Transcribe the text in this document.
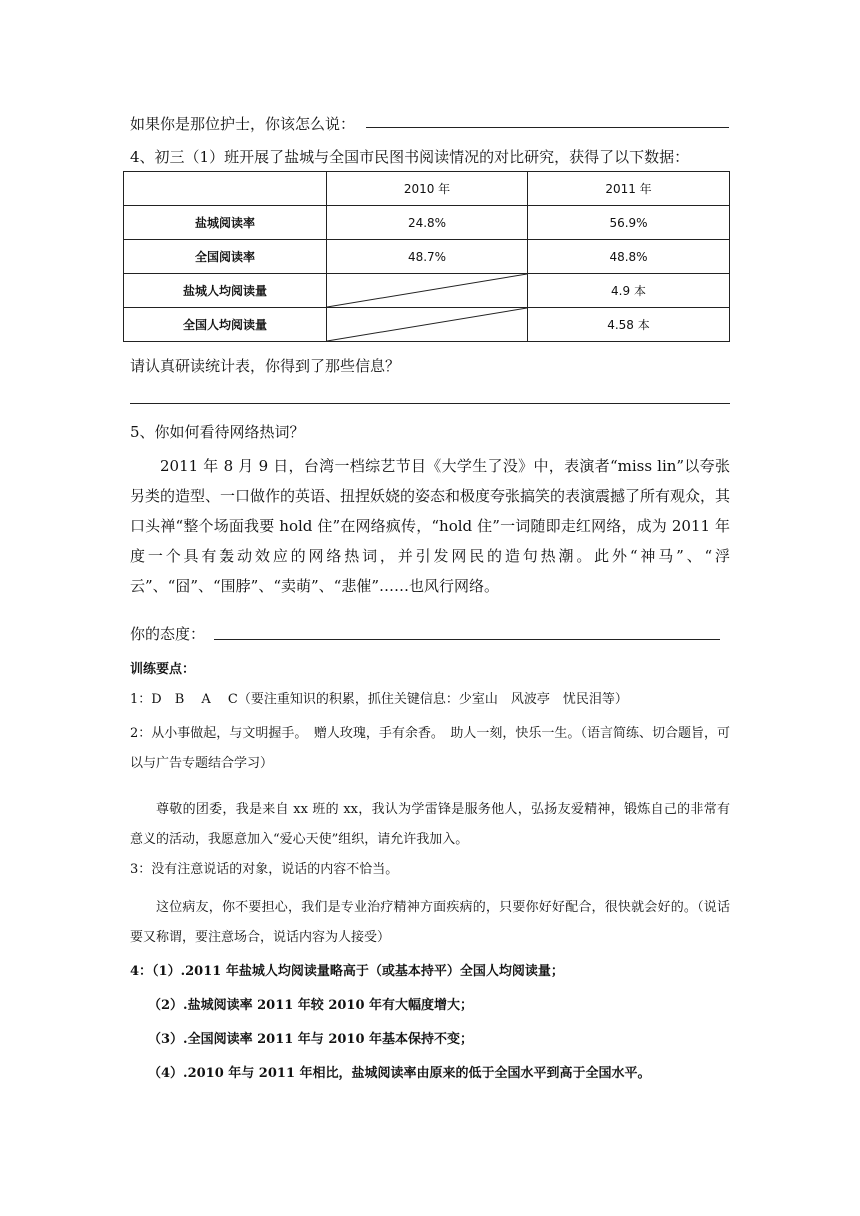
如果你是那位护士，你该怎么说：
4、初三（1）班开展了盐城与全国市民图书阅读情况的对比研究，获得了以下数据：
	2010 年	2011 年
盐城阅读率	24.8%	56.9%
全国阅读率	48.7%	48.8%
盐城人均阅读量		4.9 本
全国人均阅读量		4.58 本
请认真研读统计表，你得到了那些信息？
5、你如何看待网络热词？
2011 年 8 月 9 日，台湾一档综艺节目《大学生了没》中，表演者“miss lin”以夸张另类的造型、一口做作的英语、扭捏妖娆的姿态和极度夸张搞笑的表演震撼了所有观众，其口头禅“整个场面我要 hold 住”在网络疯传，“hold 住”一词随即走红网络，成为 2011 年度一个具有轰动效应的网络热词，并引发网民的造句热潮。此外“神马”、“浮云”、“囧”、“围脖”、“卖萌”、“悲催”……也风行网络。
你的态度：
训练要点：
1：D　B　 A　 C（要注重知识的积累，抓住关键信息：少室山　风波亭　忧民泪等）
2：从小事做起，与文明握手。　赠人玫瑰，手有余香。　助人一刻，快乐一生。（语言简练、切合题旨，可以与广告专题结合学习）
尊敬的团委，我是来自 xx 班的 xx，我认为学雷锋是服务他人，弘扬友爱精神，锻炼自己的非常有意义的活动，我愿意加入“爱心天使”组织，请允许我加入。
3：没有注意说话的对象，说话的内容不恰当。
这位病友，你不要担心，我们是专业治疗精神方面疾病的，只要你好好配合，很快就会好的。（说话要又称谓，要注意场合，说话内容为人接受）
4：（1）.2011 年盐城人均阅读量略高于（或基本持平）全国人均阅读量；
（2）.盐城阅读率 2011 年较 2010 年有大幅度增大；
（3）.全国阅读率 2011 年与 2010 年基本保持不变；
（4）.2010 年与 2011 年相比，盐城阅读率由原来的低于全国水平到高于全国水平。
